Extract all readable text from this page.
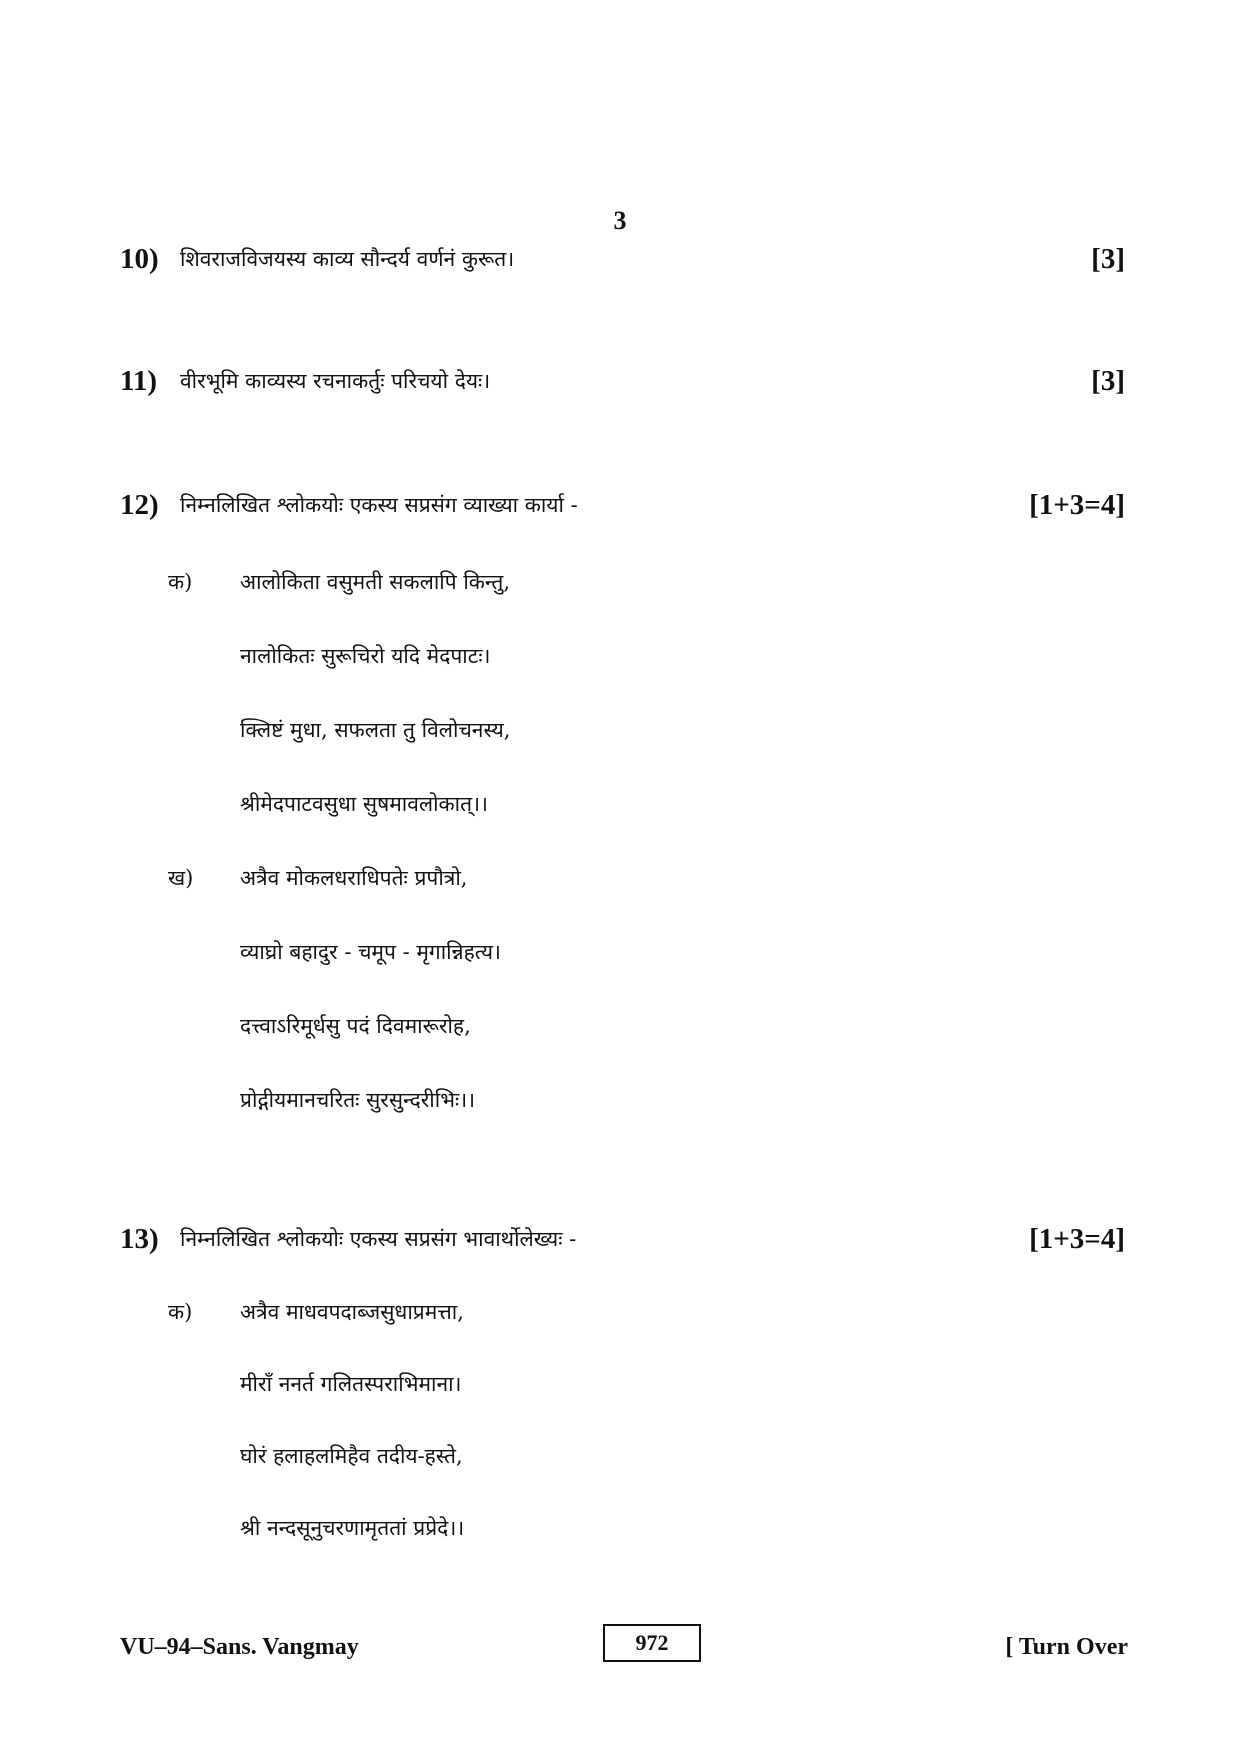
3
10) शिवराजविजयस्य काव्य सौन्दर्य वर्णनं कुरूत।	[3]
11) वीरभूमि काव्यस्य रचनाकर्तुः परिचयो देयः।	[3]
12) निम्नलिखित श्लोकयोः एकस्य सप्रसंग व्याख्या कार्या -	[1+3=4]
क) आलोकिता वसुमती सकलापि किन्तु,
नालोकितः सुरूचिरो यदि मेदपाटः।
क्लिष्टं मुधा, सफलता तु विलोचनस्य,
श्रीमेदपाटवसुधा सुषमावलोकात्।।
ख) अत्रैव मोकलधराधिपतेः प्रपौत्रो,
व्याघ्रो बहादुर - चमूप - मृगान्निहत्य।
दत्त्वाऽरिमूर्धसु पदं दिवमारूरोह,
प्रोद्गीयमानचरितः सुरसुन्दरीभिः।।
13) निम्नलिखित श्लोकयोः एकस्य सप्रसंग भावार्थोलेख्यः -	[1+3=4]
क) अत्रैव माधवपदाब्जसुधाप्रमत्ता,
मीराँ ननर्त गलितस्पराभिमाना।
घोरं हलाहलमिहैव तदीय-हस्ते,
श्री नन्दसूनुचरणामृततां प्रप्रेदे।।
VU–94–Sans. Vangmay	972	[ Turn Over
